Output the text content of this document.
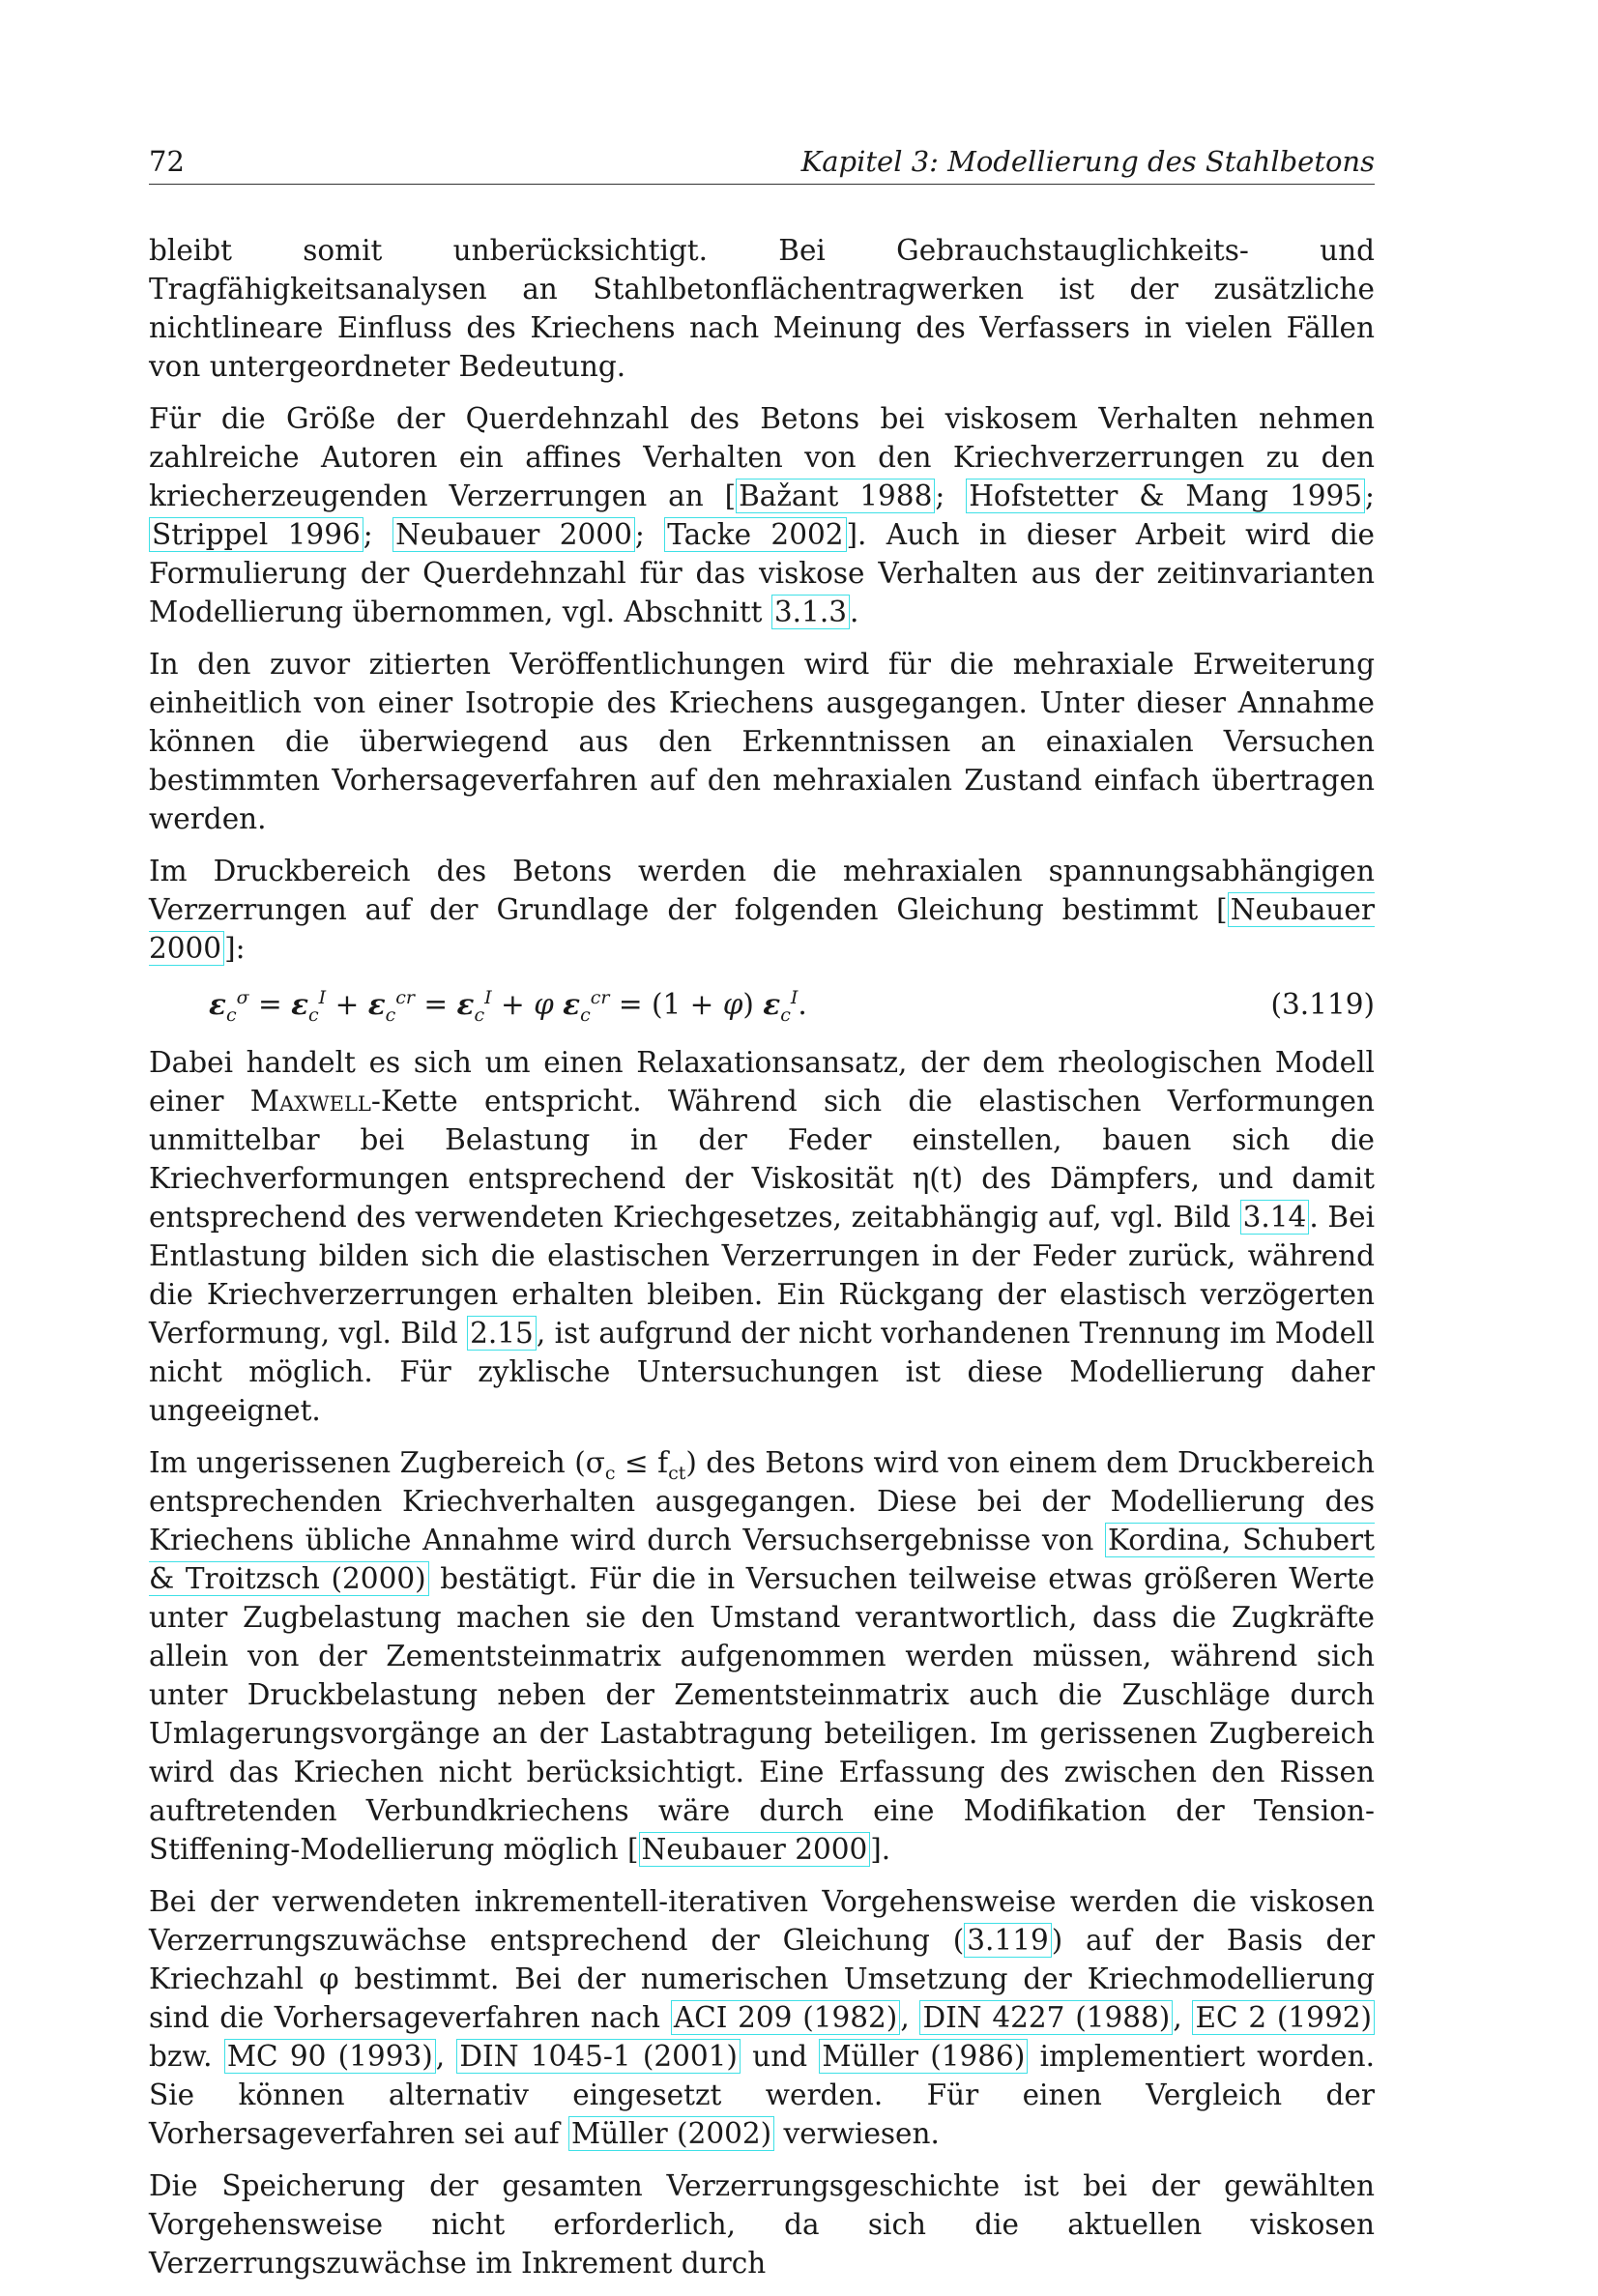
72	Kapitel 3: Modellierung des Stahlbetons

bleibt somit unberücksichtigt. Bei Gebrauchstauglichkeits- und Tragfähigkeitsanalysen an Stahlbetonflächentragwerken ist der zusätzliche nichtlineare Einfluss des Kriechens nach Meinung des Verfassers in vielen Fällen von untergeordneter Bedeutung.

Für die Größe der Querdehnzahl des Betons bei viskosem Verhalten nehmen zahlreiche Autoren ein affines Verhalten von den Kriechverzerrungen zu den kriecherzeugenden Verzerrungen an [ Bažant 1988 ; Hofstetter & Mang 1995 ; Strippel 1996 ; Neubauer 2000 ; Tacke 2002 ]. Auch in dieser Arbeit wird die Formulierung der Querdehnzahl für das viskose Verhalten aus der zeitinvarianten Modellierung übernommen, vgl. Abschnitt 3.1.3 .

In den zuvor zitierten Veröffentlichungen wird für die mehraxiale Erweiterung einheitlich von einer Isotropie des Kriechens ausgegangen. Unter dieser Annahme können die überwiegend aus den Erkenntnissen an einaxialen Versuchen bestimmten Vorhersageverfahren auf den mehraxialen Zustand einfach übertragen werden.

Im Druckbereich des Betons werden die mehraxialen spannungsabhängigen Verzerrungen auf der Grundlage der folgenden Gleichung bestimmt [ Neubauer 2000 ]:

$\varepsilon_c^\sigma = \varepsilon_c^I + \varepsilon_c^{cr} = \varepsilon_c^I + \varphi$ $\varepsilon_c^{cr} = (1 + \varphi)$ $\varepsilon_c^I$.	(3.119)

Dabei handelt es sich um einen Relaxationsansatz, der dem rheologischen Modell einer Maxwell-Kette entspricht. Während sich die elastischen Verformungen unmittelbar bei Belastung in der Feder einstellen, bauen sich die Kriechverformungen entsprechend der Viskosität η(t) des Dämpfers, und damit entsprechend des verwendeten Kriechgesetzes, zeitabhängig auf, vgl. Bild 3.14 . Bei Entlastung bilden sich die elastischen Verzerrungen in der Feder zurück, während die Kriechverzerrungen erhalten bleiben. Ein Rückgang der elastisch verzögerten Verformung, vgl. Bild 2.15 , ist aufgrund der nicht vorhandenen Trennung im Modell nicht möglich. Für zyklische Untersuchungen ist diese Modellierung daher ungeeignet.

Im ungerissenen Zugbereich $(\sigma_c \le f_{ct})$ des Betons wird von einem dem Druckbereich entsprechenden Kriechverhalten ausgegangen. Diese bei der Modellierung des Kriechens übliche Annahme wird durch Versuchsergebnisse von Kordina, Schubert & Troitzsch (2000) bestätigt. Für die in Versuchen teilweise etwas größeren Werte unter Zugbelastung machen sie den Umstand verantwortlich, dass die Zugkräfte allein von der Zementsteinmatrix aufgenommen werden müssen, während sich unter Druckbelastung neben der Zementsteinmatrix auch die Zuschläge durch Umlagerungsvorgänge an der Lastabtragung beteiligen. Im gerissenen Zugbereich wird das Kriechen nicht berücksichtigt. Eine Erfassung des zwischen den Rissen auftretenden Verbundkriechens wäre durch eine Modifikation der Tension-Stiffening-Modellierung möglich [ Neubauer 2000 ].

Bei der verwendeten inkrementell-iterativen Vorgehensweise werden die viskosen Verzerrungszuwächse entsprechend der Gleichung ( 3.119 ) auf der Basis der Kriechzahl φ bestimmt. Bei der numerischen Umsetzung der Kriechmodellierung sind die Vorhersageverfahren nach ACI 209 (1982) , DIN 4227 (1988) , EC 2 (1992) bzw. MC 90 (1993) , DIN 1045-1 (2001) und Müller (1986) implementiert worden. Sie können alternativ eingesetzt werden. Für einen Vergleich der Vorhersageverfahren sei auf Müller (2002) verwiesen.

Die Speicherung der gesamten Verzerrungsgeschichte ist bei der gewählten Vorgehensweise nicht erforderlich, da sich die aktuellen viskosen Verzerrungszuwächse im Inkrement durch
